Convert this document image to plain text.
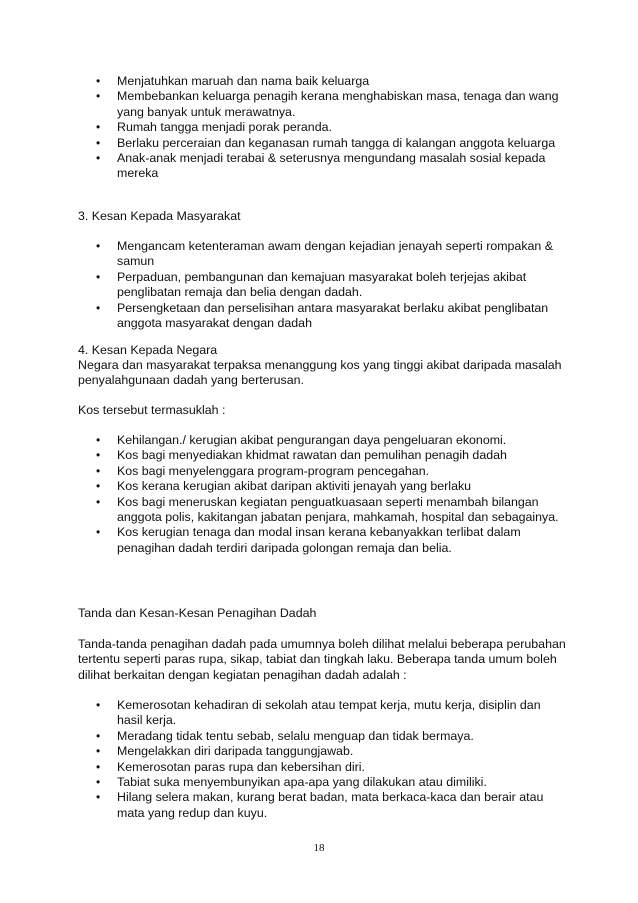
• Menjatuhkan maruah dan nama baik keluarga
• Membebankan keluarga penagih kerana menghabiskan masa, tenaga dan wang yang banyak untuk merawatnya.
• Rumah tangga menjadi porak peranda.
• Berlaku perceraian dan keganasan rumah tangga di kalangan anggota keluarga
• Anak-anak menjadi terabai & seterusnya mengundang masalah sosial kepada mereka

3. Kesan Kepada Masyarakat

• Mengancam ketenteraman awam dengan kejadian jenayah seperti rompakan & samun
• Perpaduan, pembangunan dan kemajuan masyarakat boleh terjejas akibat penglibatan remaja dan belia dengan dadah.
• Persengketaan dan perselisihan antara masyarakat berlaku akibat penglibatan anggota masyarakat dengan dadah

4. Kesan Kepada Negara

Negara dan masyarakat terpaksa menanggung kos yang tinggi akibat daripada masalah penyalahgunaan dadah yang berterusan.

Kos tersebut termasuklah :

• Kehilangan./ kerugian akibat pengurangan daya pengeluaran ekonomi.
• Kos bagi menyediakan khidmat rawatan dan pemulihan penagih dadah
• Kos bagi menyelenggara program-program pencegahan.
• Kos kerana kerugian akibat daripan aktiviti jenayah yang berlaku
• Kos bagi meneruskan kegiatan penguatkuasaan seperti menambah bilangan anggota polis, kakitangan jabatan penjara, mahkamah, hospital dan sebagainya.
• Kos kerugian tenaga dan modal insan kerana kebanyakkan terlibat dalam penagihan dadah terdiri daripada golongan remaja dan belia.

Tanda dan Kesan-Kesan Penagihan Dadah

Tanda-tanda penagihan dadah pada umumnya boleh dilihat melalui beberapa perubahan tertentu seperti paras rupa, sikap, tabiat dan tingkah laku. Beberapa tanda umum boleh dilihat berkaitan dengan kegiatan penagihan dadah adalah :

• Kemerosotan kehadiran di sekolah atau tempat kerja, mutu kerja, disiplin dan hasil kerja.
• Meradang tidak tentu sebab, selalu menguap dan tidak bermaya.
• Mengelakkan diri daripada tanggungjawab.
• Kemerosotan paras rupa dan kebersihan diri.
• Tabiat suka menyembunyikan apa-apa yang dilakukan atau dimiliki.
• Hilang selera makan, kurang berat badan, mata berkaca-kaca dan berair atau mata yang redup dan kuyu.
18
